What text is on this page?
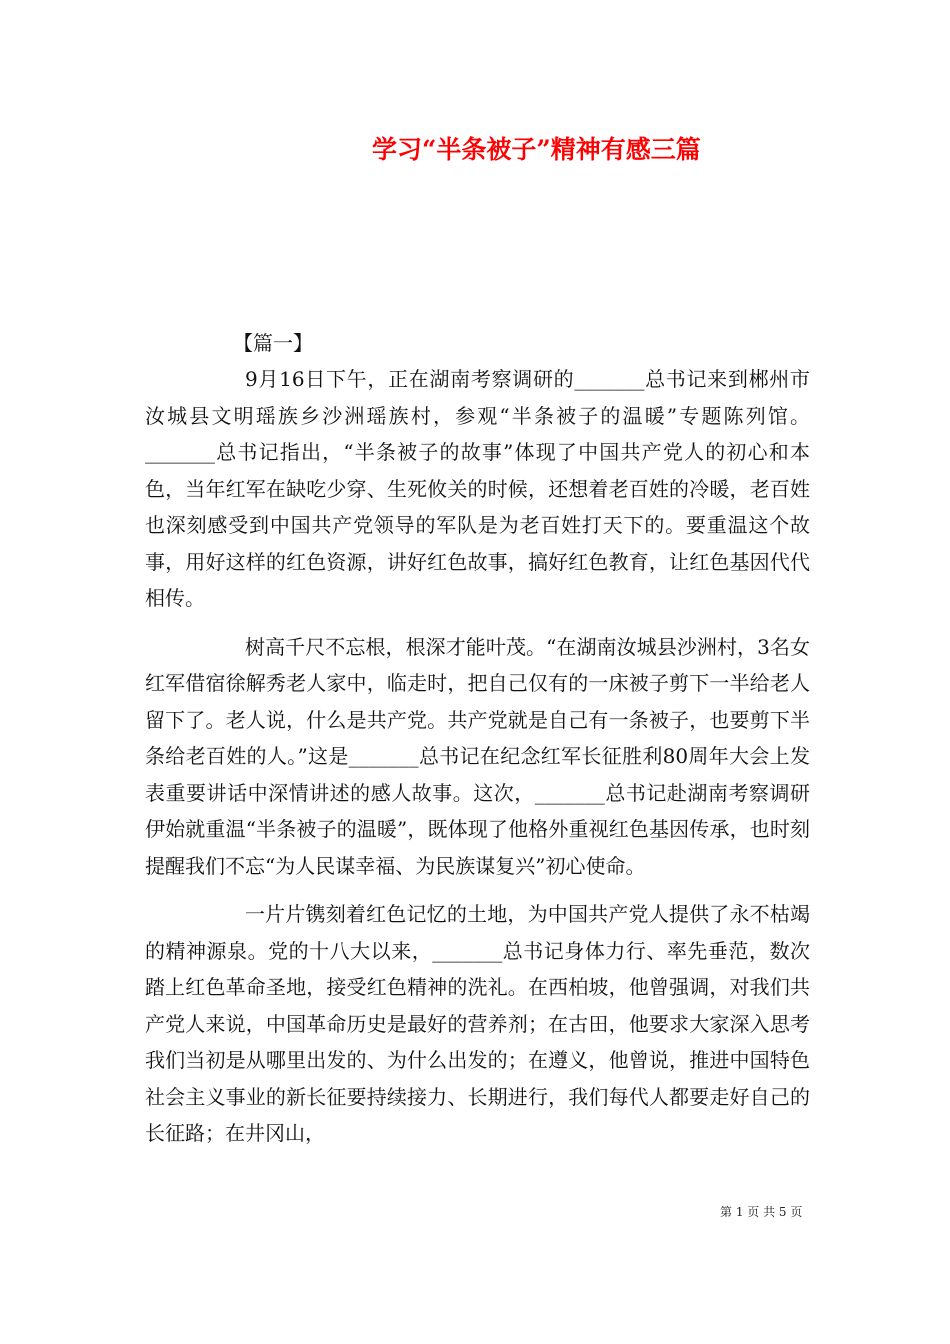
学习“半条被子”精神有感三篇
【篇一】

9月16日下午，正在湖南考察调研的_______总书记来到郴州市汝城县文明瑶族乡沙洲瑶族村，参观“半条被子的温暖”专题陈列馆。_______总书记指出，“半条被子的故事”体现了中国共产党人的初心和本色，当年红军在缺吃少穿、生死攸关的时候，还想着老百姓的冷暖，老百姓也深刻感受到中国共产党领导的军队是为老百姓打天下的。要重温这个故事，用好这样的红色资源，讲好红色故事，搞好红色教育，让红色基因代代相传。

树高千尺不忘根，根深才能叶茂。“在湖南汝城县沙洲村，3名女红军借宿徐解秀老人家中，临走时，把自己仅有的一床被子剪下一半给老人留下了。老人说，什么是共产党。共产党就是自己有一条被子，也要剪下半条给老百姓的人。”这是_______总书记在纪念红军长征胜利80周年大会上发表重要讲话中深情讲述的感人故事。这次，_______总书记赴湖南考察调研伊始就重温“半条被子的温暖”，既体现了他格外重视红色基因传承，也时刻提醒我们不忘“为人民谋幸福、为民族谋复兴”初心使命。

一片片镌刻着红色记忆的土地，为中国共产党人提供了永不枯竭的精神源泉。党的十八大以来，_______总书记身体力行、率先垂范，数次踏上红色革命圣地，接受红色精神的洗礼。在西柏坡，他曾强调，对我们共产党人来说，中国革命历史是最好的营养剂；在古田，他要求大家深入思考我们当初是从哪里出发的、为什么出发的；在遵义，他曾说，推进中国特色社会主义事业的新长征要持续接力、长期进行，我们每代人都要走好自己的长征路；在井冈山，

第 1 页 共 5 页
